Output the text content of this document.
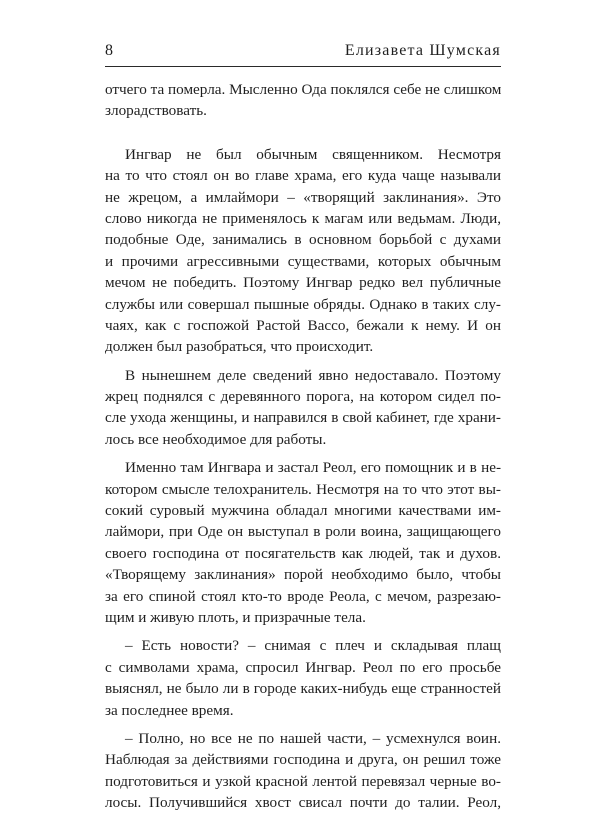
8	Елизавета Шумская
отчего та померла. Мысленно Ода поклялся себе не слишком
злорадствовать.
Ингвар не был обычным священником. Несмотря
на то что стоял он во главе храма, его куда чаще называли
не жрецом, а имлаймори – «творящий заклинания». Это
слово никогда не применялось к магам или ведьмам. Люди,
подобные Оде, занимались в основном борьбой с духами
и прочими агрессивными существами, которых обычным
мечом не победить. Поэтому Ингвар редко вел публичные
службы или совершал пышные обряды. Однако в таких слу-
чаях, как с госпожой Растой Вассо, бежали к нему. И он
должен был разобраться, что происходит.
В нынешнем деле сведений явно недоставало. Поэтому
жрец поднялся с деревянного порога, на котором сидел по-
сле ухода женщины, и направился в свой кабинет, где храни-
лось все необходимое для работы.
Именно там Ингвара и застал Реол, его помощник и в не-
котором смысле телохранитель. Несмотря на то что этот вы-
сокий суровый мужчина обладал многими качествами им-
лаймори, при Оде он выступал в роли воина, защищающего
своего господина от посягательств как людей, так и духов.
«Творящему заклинания» порой необходимо было, чтобы
за его спиной стоял кто-то вроде Реола, с мечом, разрезаю-
щим и живую плоть, и призрачные тела.
– Есть новости? – снимая с плеч и складывая плащ
с символами храма, спросил Ингвар. Реол по его просьбе
выяснял, не было ли в городе каких-нибудь еще странностей
за последнее время.
– Полно, но все не по нашей части, – усмехнулся воин.
Наблюдая за действиями господина и друга, он решил тоже
подготовиться и узкой красной лентой перевязал черные во-
лосы. Получившийся хвост свисал почти до талии. Реол,
